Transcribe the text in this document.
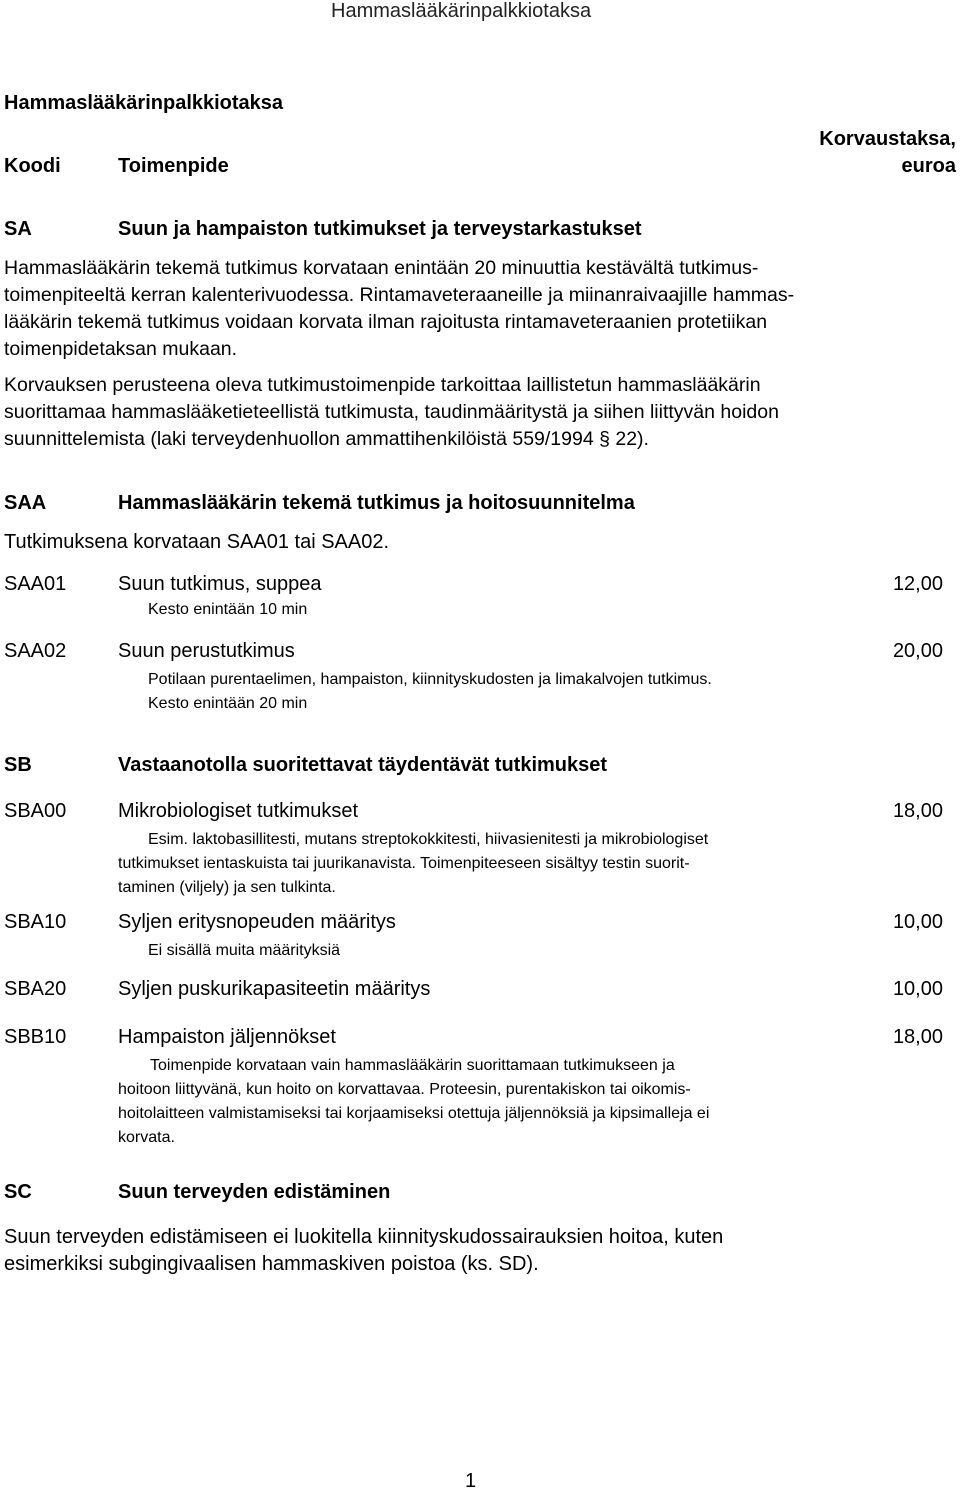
Hammaslääkärinpalkkiotaksa
Hammaslääkärinpalkkiotaksa
Koodi	Toimenpide
Korvaustaksa,
euroa
SA	Suun ja hampaiston tutkimukset ja terveystarkastukset
Hammaslääkärin tekemä tutkimus korvataan enintään 20 minuuttia kestävältä tutkimus-
toimenpiteeltä kerran kalenterivuodessa. Rintamaveteraaneille ja miinanraivaajille hammas-
lääkärin tekemä tutkimus voidaan korvata ilman rajoitusta rintamaveteraanien protetiikan
toimenpidetaksan mukaan.
Korvauksen perusteena oleva tutkimustoimenpide tarkoittaa laillistetun hammaslääkärin
suorittamaa hammaslääketieteellistä tutkimusta, taudinmääritystä ja siihen liittyvän hoidon
suunnittelemista (laki terveydenhuollon ammattihenkilöistä 559/1994 § 22).
SAA	Hammaslääkärin tekemä tutkimus ja hoitosuunnitelma
Tutkimuksena korvataan SAA01 tai SAA02.
SAA01	Suun tutkimus, suppea	12,00
Kesto enintään 10 min
SAA02	Suun perustutkimus	20,00
Potilaan purentaelimen, hampaiston, kiinnityskudosten ja limakalvojen tutkimus.
Kesto enintään 20 min
SB	Vastaanotolla suoritettavat täydentävät tutkimukset
SBA00	Mikrobiologiset tutkimukset	18,00
Esim. laktobasillitesti, mutans streptokokkitesti, hiivasienitesti ja mikrobiologiset
tutkimukset ientaskuista tai juurikanavista. Toimenpiteeseen sisältyy testin suorit-
taminen (viljely) ja sen tulkinta.
SBA10	Syljen eritysnopeuden määritys	10,00
Ei sisällä muita määrityksiä
SBA20	Syljen puskurikapasiteetin määritys	10,00
SBB10	Hampaiston jäljennökset	18,00
Toimenpide korvataan vain hammaslääkärin suorittamaan tutkimukseen ja
hoitoon liittyvänä, kun hoito on korvattavaa. Proteesin, purentakiskon tai oikomis-
hoitolaitteen valmistamiseksi tai korjaamiseksi otettuja jäljennöksiä ja kipsimalleja ei
korvata.
SC	Suun terveyden edistäminen
Suun terveyden edistämiseen ei luokitella kiinnityskudossairauksien hoitoa, kuten
esimerkiksi subgingivaalisen hammaskiven poistoa (ks. SD).
1
